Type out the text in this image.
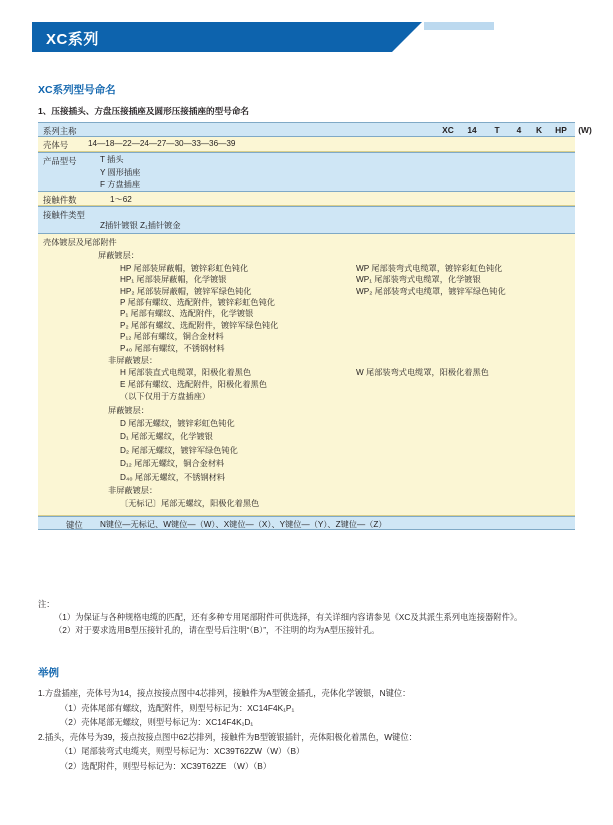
XC系列
XC系列型号命名
1、压接插头、方盘压接插座及圆形压接插座的型号命名
系列主称	XC	14	T	4	K	HP	(W)
壳体号 14—18—22—24—27—30—33—36—39
产品型号	T 插头
Y 圆形插座
F 方盘插座
接触件数	1～62
接触件类型
Z插针镀银 Z₁插针镀金
壳体镀层及尾部附件
屏蔽镀层：
HP 尾部装屏蔽帽，镀锌彩虹色钝化	WP 尾部装弯式电缆罩，镀锌彩虹色钝化
HP₁ 尾部装屏蔽帽，化学镀银	WP₁ 尾部装弯式电缆罩，化学镀银
HP₂ 尾部装屏蔽帽，镀锌军绿色钝化	WP₂ 尾部装弯式电缆罩，镀锌军绿色钝化
P 尾部有螺纹、选配附件，镀锌彩虹色钝化
P₁ 尾部有螺纹、选配附件，化学镀银
P₂ 尾部有螺纹、选配附件，镀锌军绿色钝化
P₁₂ 尾部有螺纹，铜合金材料
P₄₀ 尾部有螺纹，不锈钢材料
非屏蔽镀层：
H 尾部装直式电缆罩，阳极化着黑色	W 尾部装弯式电缆罩，阳极化着黑色
E 尾部有螺纹、选配附件，阳极化着黑色
（以下仅用于方盘插座）
屏蔽镀层：
D 尾部无螺纹，镀锌彩虹色钝化
D₁ 尾部无螺纹，化学镀银
D₂ 尾部无螺纹，镀锌军绿色钝化
D₁₂ 尾部无螺纹，铜合金材料
D₄₀ 尾部无螺纹，不锈钢材料
非屏蔽镀层：
〔无标记〕尾部无螺纹，阳极化着黑色
键位 N键位—无标记、W键位—（W）、X键位—（X）、Y键位—（Y）、Z键位—（Z）

注：

（1）为保证与各种规格电缆的匹配，还有多种专用尾部附件可供选择，有关详细内容请参见《XC及其派生系列电连接器附件》。

（2）对于要求选用B型压接针孔的，请在型号后注明“（B）”，不注明的均为A型压接针孔。

举例

1.方盘插座，壳体号为14，接点按接点图中4芯排列，接触件为A型镀金插孔，壳体化学镀银，N键位：

（1）壳体尾部有螺纹，选配附件，则型号标记为：XC14F4K₁P₁

（2）壳体尾部无螺纹，则型号标记为：XC14F4K₁D₁

2.插头，壳体号为39，接点按接点图中62芯排列，接触件为B型镀银插针，壳体阳极化着黑色，W键位：

（1）尾部装弯式电缆夹，则型号标记为：XC39T62ZW（W）（B）

（2）选配附件，则型号标记为：XC39T62ZE （W）（B）
